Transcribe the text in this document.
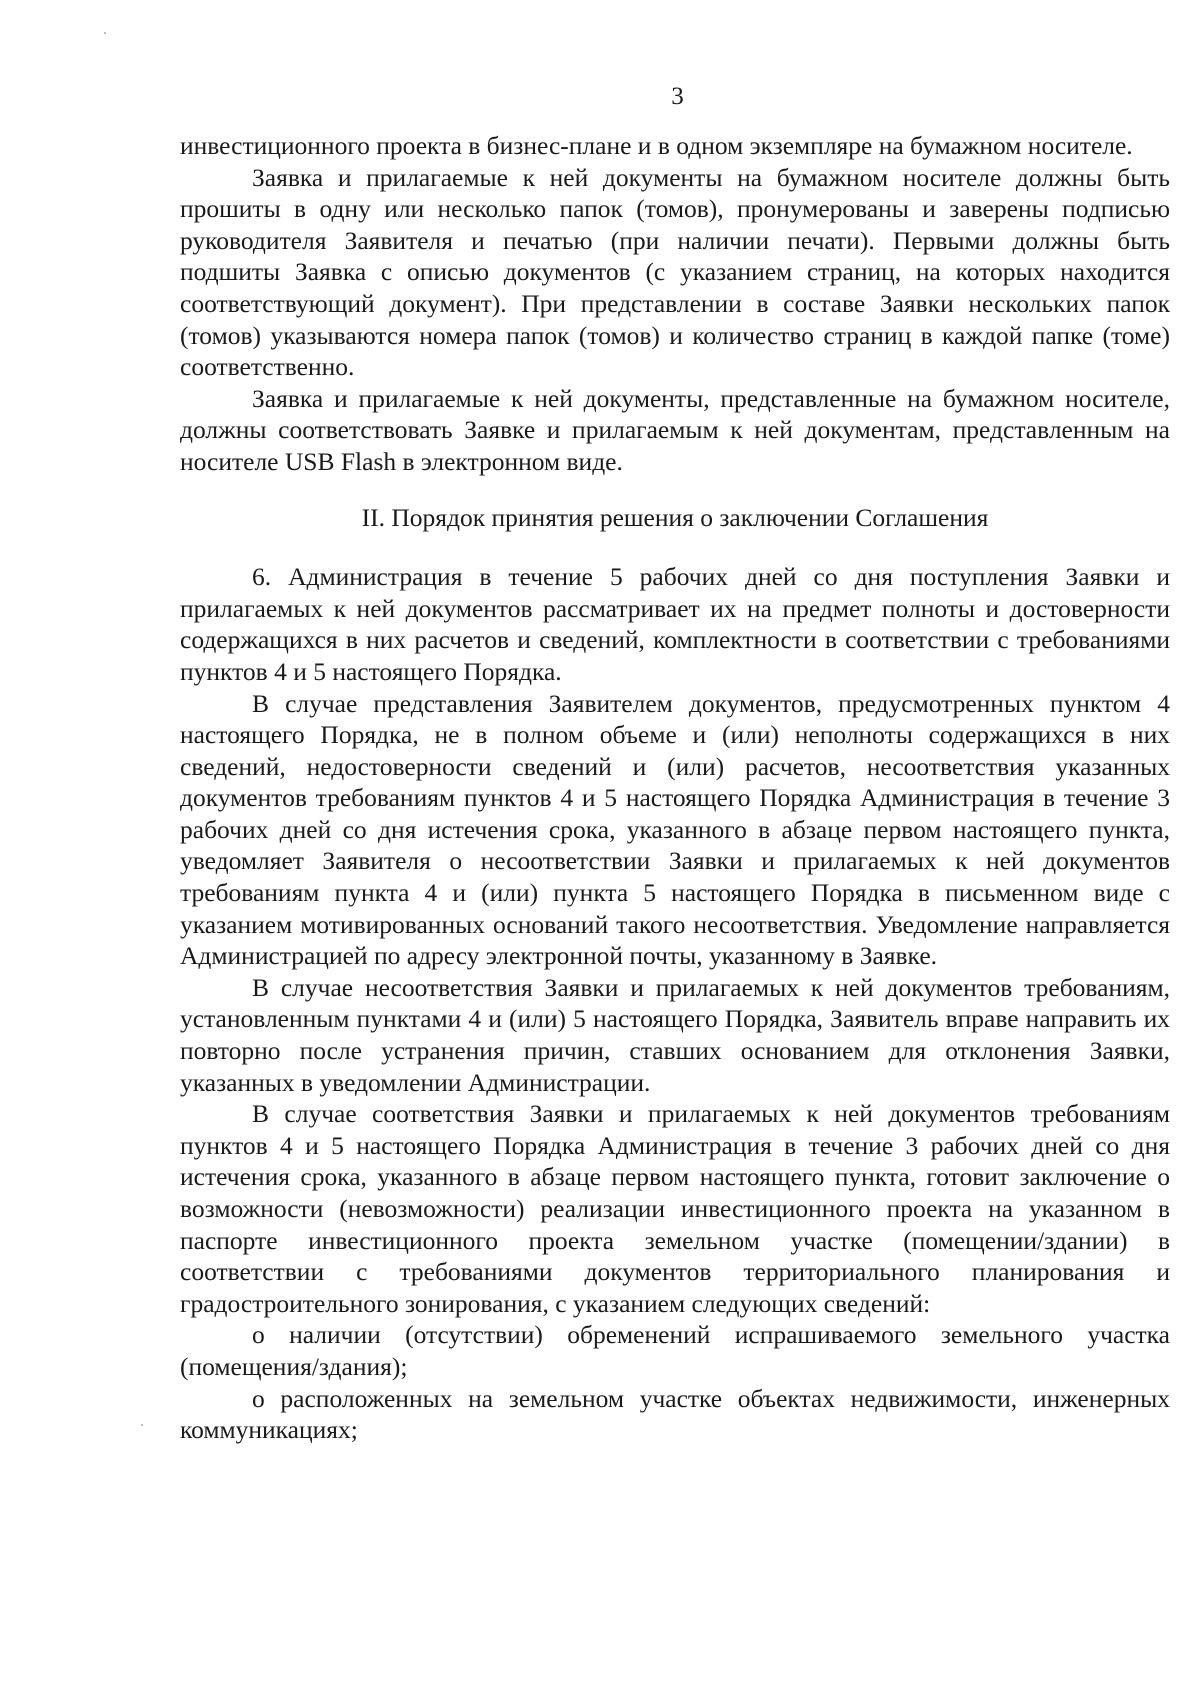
3

инвестиционного проекта в бизнес-плане и в одном экземпляре на бумажном носителе.

Заявка и прилагаемые к ней документы на бумажном носителе должны быть прошиты в одну или несколько папок (томов), пронумерованы и заверены подписью руководителя Заявителя и печатью (при наличии печати). Первыми должны быть подшиты Заявка с описью документов (с указанием страниц, на которых находится соответствующий документ). При представлении в составе Заявки нескольких папок (томов) указываются номера папок (томов) и количество страниц в каждой папке (томе) соответственно.

Заявка и прилагаемые к ней документы, представленные на бумажном носителе, должны соответствовать Заявке и прилагаемым к ней документам, представленным на носителе USB Flash в электронном виде.

II. Порядок принятия решения о заключении Соглашения

6. Администрация в течение 5 рабочих дней со дня поступления Заявки и прилагаемых к ней документов рассматривает их на предмет полноты и достоверности содержащихся в них расчетов и сведений, комплектности в соответствии с требованиями пунктов 4 и 5 настоящего Порядка.

В случае представления Заявителем документов, предусмотренных пунктом 4 настоящего Порядка, не в полном объеме и (или) неполноты содержащихся в них сведений, недостоверности сведений и (или) расчетов, несоответствия указанных документов требованиям пунктов 4 и 5 настоящего Порядка Администрация в течение 3 рабочих дней со дня истечения срока, указанного в абзаце первом настоящего пункта, уведомляет Заявителя о несоответствии Заявки и прилагаемых к ней документов требованиям пункта 4 и (или) пункта 5 настоящего Порядка в письменном виде с указанием мотивированных оснований такого несоответствия. Уведомление направляется Администрацией по адресу электронной почты, указанному в Заявке.

В случае несоответствия Заявки и прилагаемых к ней документов требованиям, установленным пунктами 4 и (или) 5 настоящего Порядка, Заявитель вправе направить их повторно после устранения причин, ставших основанием для отклонения Заявки, указанных в уведомлении Администрации.

В случае соответствия Заявки и прилагаемых к ней документов требованиям пунктов 4 и 5 настоящего Порядка Администрация в течение 3 рабочих дней со дня истечения срока, указанного в абзаце первом настоящего пункта, готовит заключение о возможности (невозможности) реализации инвестиционного проекта на указанном в паспорте инвестиционного проекта земельном участке (помещении/здании) в соответствии с требованиями документов территориального планирования и градостроительного зонирования, с указанием следующих сведений:

о наличии (отсутствии) обременений испрашиваемого земельного участка (помещения/здания);

о расположенных на земельном участке объектах недвижимости, инженерных коммуникациях;
